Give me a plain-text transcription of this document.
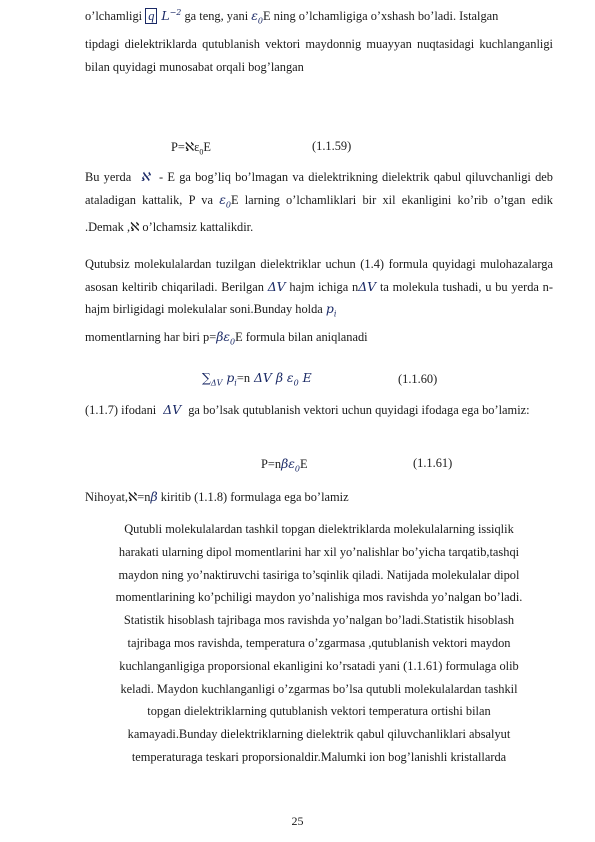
o’lchamligi q $L^{-2}$ ga teng, yani $\varepsilon_0E$ ning o’lchamligiga o’xshash bo’ladi. Istalgan
tipdagi dielektriklarda qutublanish vektori maydonnig muayyan nuqtasidagi kuchlanganligi bilan quyidagi munosabat orqali bog’langan
P=ℵε$_0$E	(1.1.59)
Bu yerda  ℵ  - E ga bog’liq bo’lmagan va dielektrikning dielektrik qabul qiluvchanligi deb ataladigan kattalik, P va $\varepsilon_0E$ larning o’lchamliklari bir xil ekanligini ko’rib o’tgan edik .Demak ,ℵ o’lchamsiz kattalikdir.
Qutubsiz molekulalardan tuzilgan dielektriklar uchun (1.4) formula quyidagi mulohazalarga asosan keltirib chiqariladi. Berilgan ΔV hajm ichiga nΔV ta molekula tushadi, u bu yerda n- hajm birligidagi molekulalar soni.Bunday holda $p_i$
momentlarning har biri $p=\beta\varepsilon_0E$ formula bilan aniqlanadi
$\sum_{\Delta V}$ $p_i=n$ ΔV β $\varepsilon_0$ E	(1.1.60)
(1.1.7) ifodani  ΔV  ga bo’lsak qutublanish vektori uchun quyidagi ifodaga ega bo’lamiz:
P=nβε$_0$E	(1.1.61)
Nihoyat,ℵ=nβ kiritib (1.1.8) formulaga ega bo’lamiz
Qutubli molekulalardan tashkil topgan dielektriklarda molekulalarning issiqlik
harakati ularning dipol momentlarini har xil yo’nalishlar bo’yicha tarqatib,tashqi
maydon ning yo’naktiruvchi tasiriga to’sqinlik qiladi. Natijada molekulalar dipol
momentlarining ko’pchiligi maydon yo’nalishiga mos ravishda yo’nalgan bo’ladi.
Statistik hisoblash tajribaga mos ravishda yo’nalgan bo’ladi.Statistik hisoblash
tajribaga mos ravishda, temperatura o’zgarmasa ,qutublanish vektori maydon
kuchlanganligiga proporsional ekanligini ko’rsatadi yani (1.1.61) formulaga olib
keladi. Maydon kuchlanganligi o’zgarmas bo’lsa qutubli molekulalardan tashkil
topgan dielektriklarning qutublanish vektori temperatura ortishi bilan
kamayadi.Bunday dielektriklarning dielektrik qabul qiluvchanliklari absalyut
temperaturaga teskari proporsionaldir.Malumki ion bog’lanishli kristallarda
25
